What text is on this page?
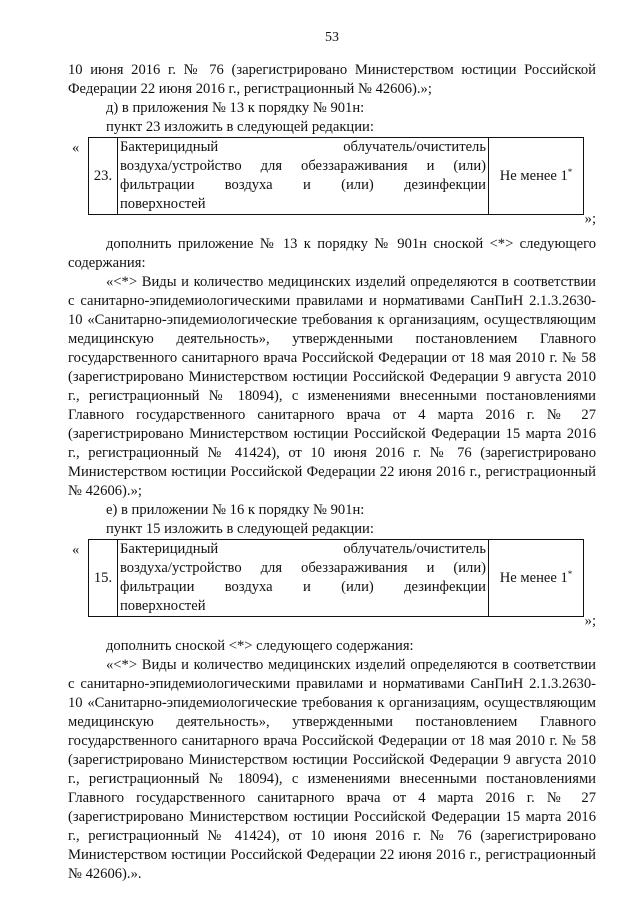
53

10 июня 2016 г. № 76 (зарегистрировано Министерством юстиции Российской Федерации 22 июня 2016 г., регистрационный № 42606).»;

д) в приложения № 13 к порядку № 901н:

пункт 23 изложить в следующей редакции:

«
23.	Бактерицидный облучатель/очиститель
воздуха/устройство для обеззараживания и (или)
фильтрации воздуха и (или) дезинфекции

поверхностей
	Не менее 1*
»;

дополнить приложение № 13 к порядку № 901н сноской <*> следующего содержания:

«<*> Виды и количество медицинских изделий определяются в соответствии с санитарно-эпидемиологическими правилами и нормативами СанПиН 2.1.3.2630-10 «Санитарно-эпидемиологические требования к организациям, осуществляющим медицинскую деятельность», утвержденными постановлением Главного государственного санитарного врача Российской Федерации от 18 мая 2010 г. № 58 (зарегистрировано Министерством юстиции Российской Федерации 9 августа 2010 г., регистрационный № 18094), с изменениями внесенными постановлениями Главного государственного санитарного врача от 4 марта 2016 г. № 27 (зарегистрировано Министерством юстиции Российской Федерации 15 марта 2016 г., регистрационный № 41424), от 10 июня 2016 г. № 76 (зарегистрировано Министерством юстиции Российской Федерации 22 июня 2016 г., регистрационный № 42606).»;

е) в приложении № 16 к порядку № 901н:

пункт 15 изложить в следующей редакции:

«
15.	Бактерицидный облучатель/очиститель
воздуха/устройство для обеззараживания и (или)
фильтрации воздуха и (или) дезинфекции

поверхностей
	Не менее 1*
»;

дополнить сноской <*> следующего содержания:

«<*> Виды и количество медицинских изделий определяются в соответствии с санитарно-эпидемиологическими правилами и нормативами СанПиН 2.1.3.2630-10 «Санитарно-эпидемиологические требования к организациям, осуществляющим медицинскую деятельность», утвержденными постановлением Главного государственного санитарного врача Российской Федерации от 18 мая 2010 г. № 58 (зарегистрировано Министерством юстиции Российской Федерации 9 августа 2010 г., регистрационный № 18094), с изменениями внесенными постановлениями Главного государственного санитарного врача от 4 марта 2016 г. № 27 (зарегистрировано Министерством юстиции Российской Федерации 15 марта 2016 г., регистрационный № 41424), от 10 июня 2016 г. № 76 (зарегистрировано Министерством юстиции Российской Федерации 22 июня 2016 г., регистрационный № 42606).».
